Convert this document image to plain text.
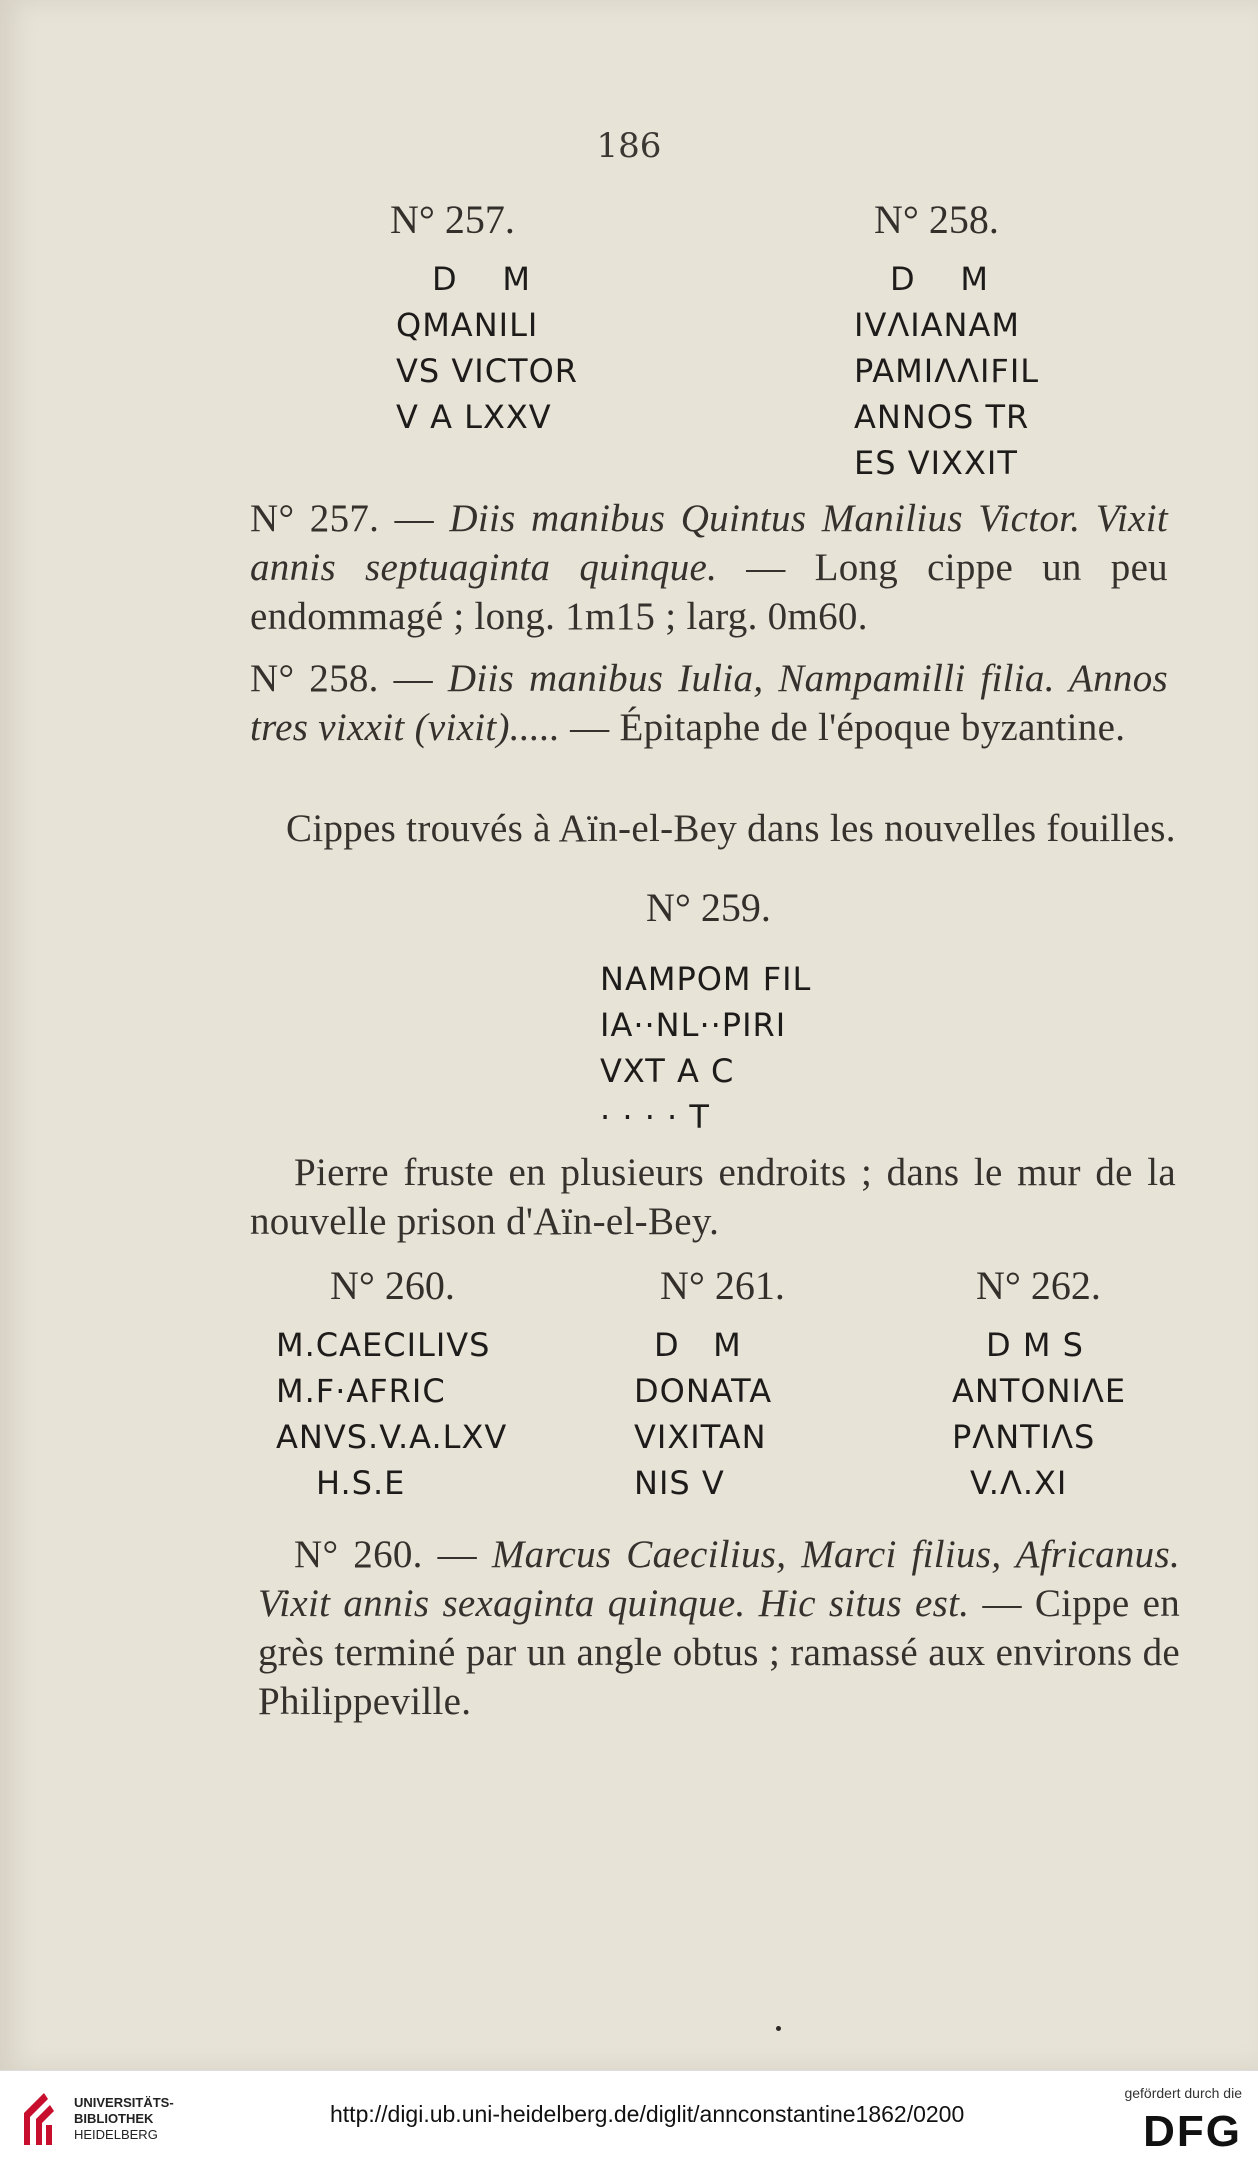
186
N° 257.
D    M
QMANILI
VS VICTOR
V A LXXV
N° 258.
D    M
IVΛIANAM
PAMIΛΛIFIL
ANNOS TR
ES VIXXIT
N° 257. — Diis manibus Quintus Manilius Victor. Vixit annis septuaginta quinque. — Long cippe un peu endommagé ; long. 1m15 ; larg. 0m60.
N° 258. — Diis manibus Iulia, Nampamilli filia. Annos tres vixxit (vixit)..... — Épitaphe de l'époque byzantine.
Cippes trouvés à Aïn-el-Bey dans les nouvelles fouilles.
N° 259.
NAMPOM FIL
IA··NL··PIRI
VXT A C
· · · · T
Pierre fruste en plusieurs endroits ; dans le mur de la nouvelle prison d'Aïn-el-Bey.
N° 260.
M.CAECILIVS
M.F·AFRIC
ANVS.V.A.LXV
H.S.E
N° 261.
D   M
DONATA
VIXITAN
NIS V
N° 262.
D M S
ANTONIΛE
PΛNTIΛS
V.Λ.XI
N° 260. — Marcus Caecilius, Marci filius, Africanus. Vixit annis sexaginta quinque. Hic situs est. — Cippe en grès terminé par un angle obtus ; ramassé aux environs de Philippeville.
UNIVERSITÄTS-
BIBLIOTHEK
HEIDELBERG
http://digi.ub.uni-heidelberg.de/diglit/annconstantine1862/0200
gefördert durch die
DFG
